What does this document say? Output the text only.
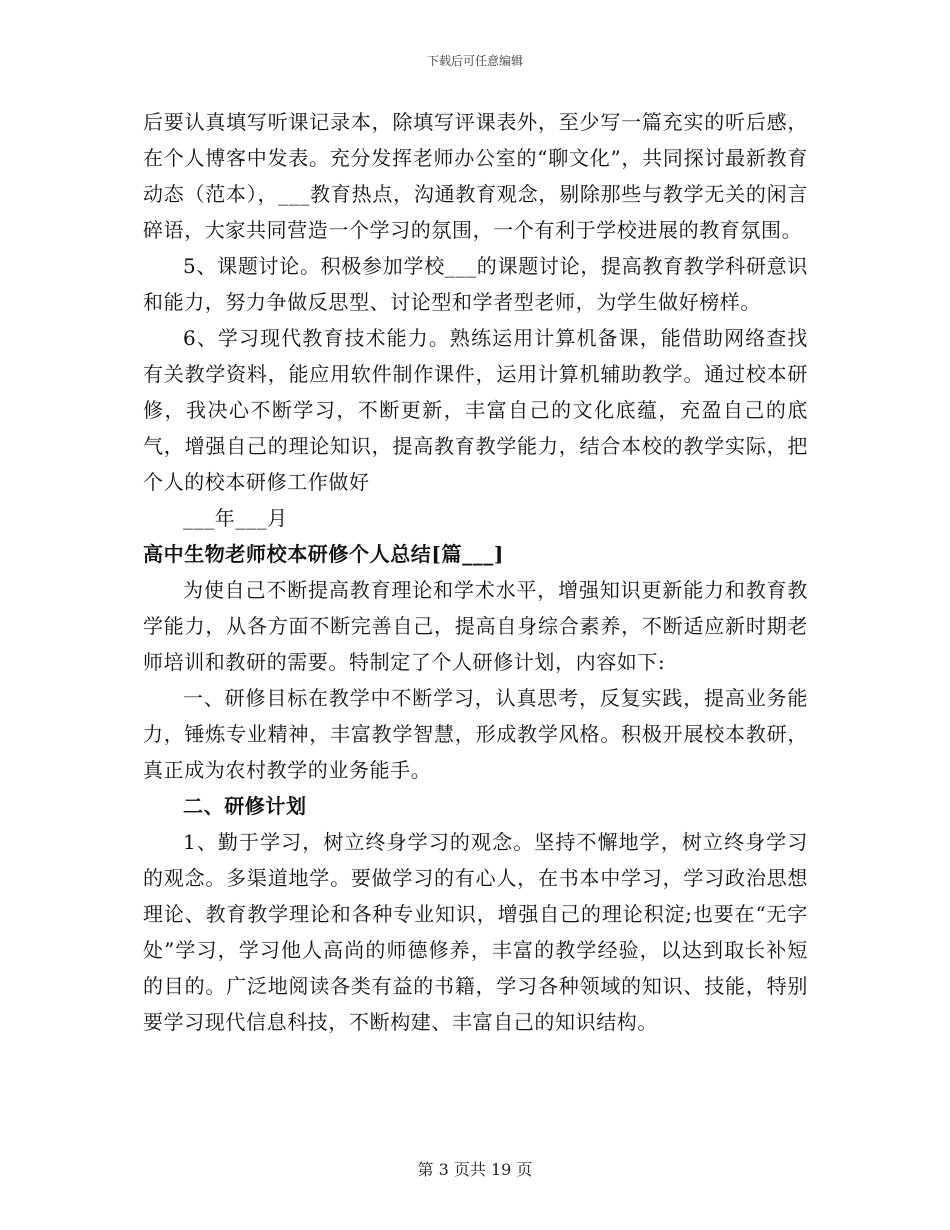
下载后可任意编辑

后要认真填写听课记录本，除填写评课表外，至少写一篇充实的听后感，在个人博客中发表。充分发挥老师办公室的“聊文化”，共同探讨最新教育动态（范本），___教育热点，沟通教育观念，剔除那些与教学无关的闲言碎语，大家共同营造一个学习的氛围，一个有利于学校进展的教育氛围。

5、课题讨论。积极参加学校___的课题讨论，提高教育教学科研意识和能力，努力争做反思型、讨论型和学者型老师，为学生做好榜样。

6、学习现代教育技术能力。熟练运用计算机备课，能借助网络查找有关教学资料，能应用软件制作课件，运用计算机辅助教学。通过校本研修，我决心不断学习，不断更新，丰富自己的文化底蕴，充盈自己的底气，增强自己的理论知识，提高教育教学能力，结合本校的教学实际，把个人的校本研修工作做好

___年___月

高中生物老师校本研修个人总结[篇___]

为使自己不断提高教育理论和学术水平，增强知识更新能力和教育教学能力，从各方面不断完善自己，提高自身综合素养，不断适应新时期老师培训和教研的需要。特制定了个人研修计划，内容如下:

一、研修目标在教学中不断学习，认真思考，反复实践，提高业务能力，锤炼专业精神，丰富教学智慧，形成教学风格。积极开展校本教研，真正成为农村教学的业务能手。

二、研修计划

1、勤于学习，树立终身学习的观念。坚持不懈地学，树立终身学习的观念。多渠道地学。要做学习的有心人，在书本中学习，学习政治思想理论、教育教学理论和各种专业知识，增强自己的理论积淀;也要在“无字处”学习，学习他人高尚的师德修养，丰富的教学经验，以达到取长补短的目的。广泛地阅读各类有益的书籍，学习各种领域的知识、技能，特别要学习现代信息科技，不断构建、丰富自己的知识结构。

第 3 页共 19 页
